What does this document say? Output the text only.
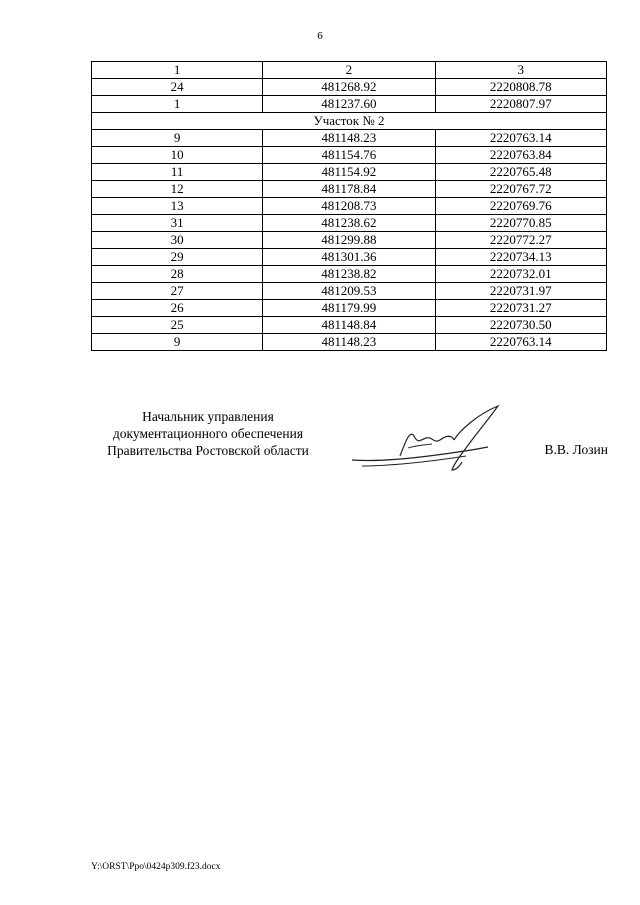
6
1	2	3
24	481268.92	2220808.78
1	481237.60	2220807.97
Участок № 2		
9	481148.23	2220763.14
10	481154.76	2220763.84
11	481154.92	2220765.48
12	481178.84	2220767.72
13	481208.73	2220769.76
31	481238.62	2220770.85
30	481299.88	2220772.27
29	481301.36	2220734.13
28	481238.82	2220732.01
27	481209.53	2220731.97
26	481179.99	2220731.27
25	481148.84	2220730.50
9	481148.23	2220763.14
Начальник управления
документационного обеспечения
Правительства Ростовской области	В.В. Лозин
Y:\ORST\Ppo\0424p309.f23.docx
